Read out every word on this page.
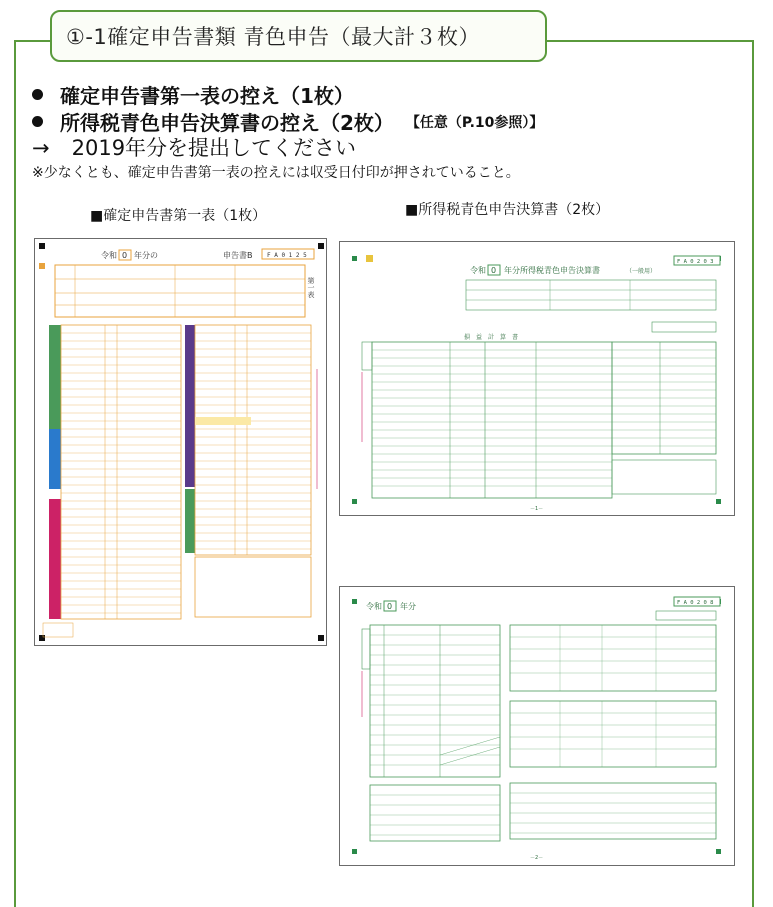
①-1確定申告書類 青色申告（最大計３枚）
確定申告書第一表の控え（1枚）
所得税青色申告決算書の控え（2枚） 【任意（P.10参照）】
→ 2019年分を提出してください
※少なくとも、確定申告書第一表の控えには収受日付印が押されていること。
■確定申告書第一表（1枚）	■所得税青色申告決算書（2枚）
令和 0 年分の	申告書B F A 0 1 2 5
第一表
令和 0 年分所得税青色申告決算書	（一般用）
F A 0 2 0 3
損　益　計　算　書
－1－
令和 0 年分	F A 0 2 0 8
－2－
